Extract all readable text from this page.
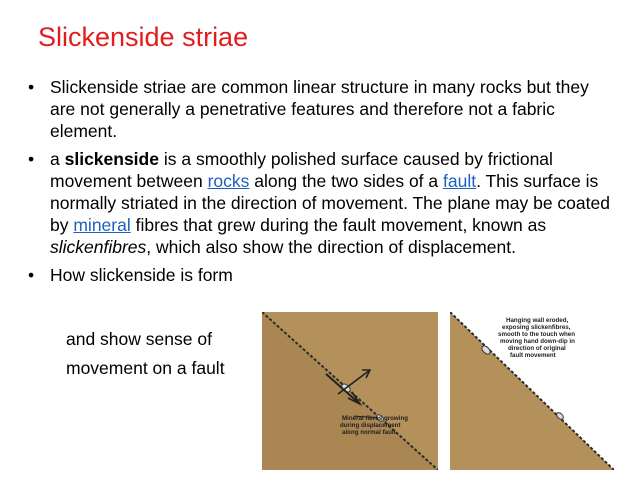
Slickenside striae
• Slickenside striae are common linear structure in many rocks but they are not generally a penetrative features and therefore not a fabric element.
• a slickenside is a smoothly polished surface caused by frictional movement between rocks along the two sides of a fault. This surface is normally striated in the direction of movement. The plane may be coated by mineral fibres that grew during the fault movement, known as slickenfibres, which also show the direction of displacement.
• How slickenside is form
and show sense of
movement on a fault
Mineral fibres growing
during displacement
along normal fault
Hanging wall eroded,
exposing slickenfibres,
smooth to the touch when
moving hand down-dip in
direction of original
fault movement
